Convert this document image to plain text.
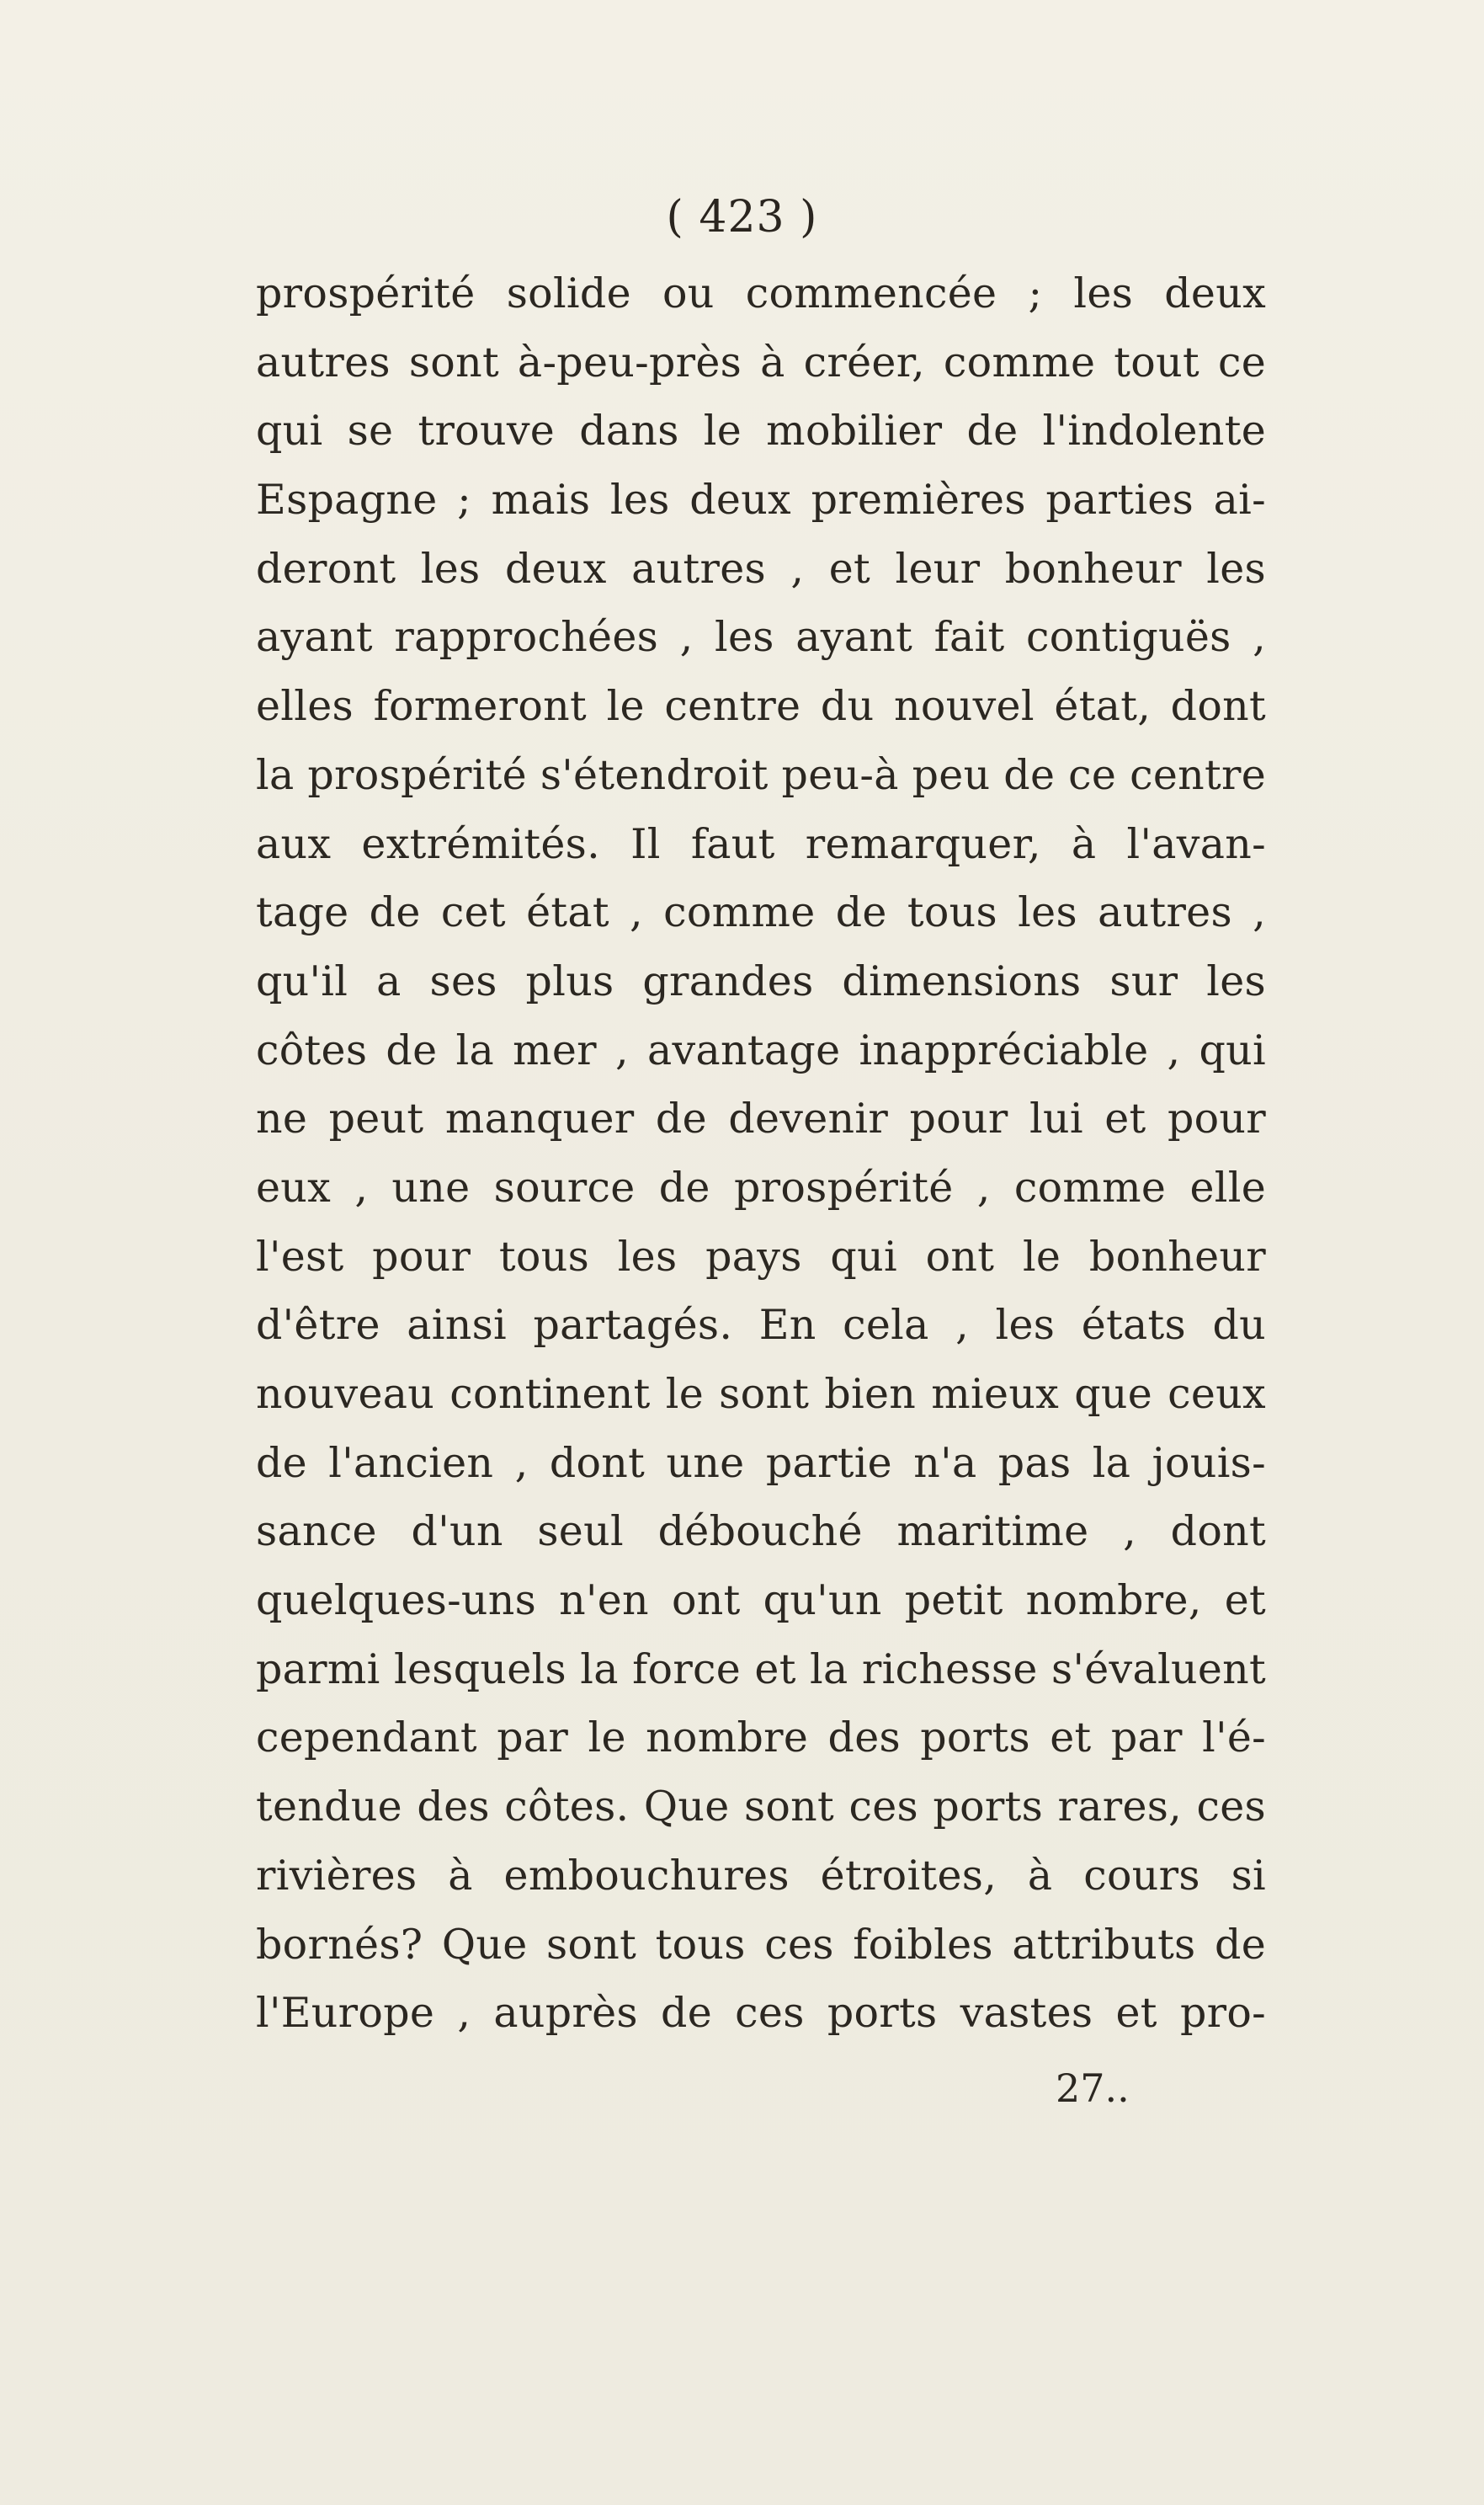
( 423 )
prospérité solide ou commencée ; les deux
autres sont à-peu-près à créer, comme tout ce
qui se trouve dans le mobilier de l'indolente
Espagne ; mais les deux premières parties ai-
deront les deux autres , et leur bonheur les
ayant rapprochées , les ayant fait contiguës ,
elles formeront le centre du nouvel état, dont
la prospérité s'étendroit peu-à peu de ce centre
aux extrémités. Il faut remarquer, à l'avan-
tage de cet état , comme de tous les autres ,
qu'il a ses plus grandes dimensions sur les
côtes de la mer , avantage inappréciable , qui
ne peut manquer de devenir pour lui et pour
eux , une source de prospérité , comme elle
l'est pour tous les pays qui ont le bonheur
d'être ainsi partagés. En cela , les états du
nouveau continent le sont bien mieux que ceux
de l'ancien , dont une partie n'a pas la jouis-
sance d'un seul débouché maritime , dont
quelques-uns n'en ont qu'un petit nombre, et
parmi lesquels la force et la richesse s'évaluent
cependant par le nombre des ports et par l'é-
tendue des côtes. Que sont ces ports rares, ces
rivières à embouchures étroites, à cours si
bornés? Que sont tous ces foibles attributs de
l'Europe , auprès de ces ports vastes et pro-
27..
